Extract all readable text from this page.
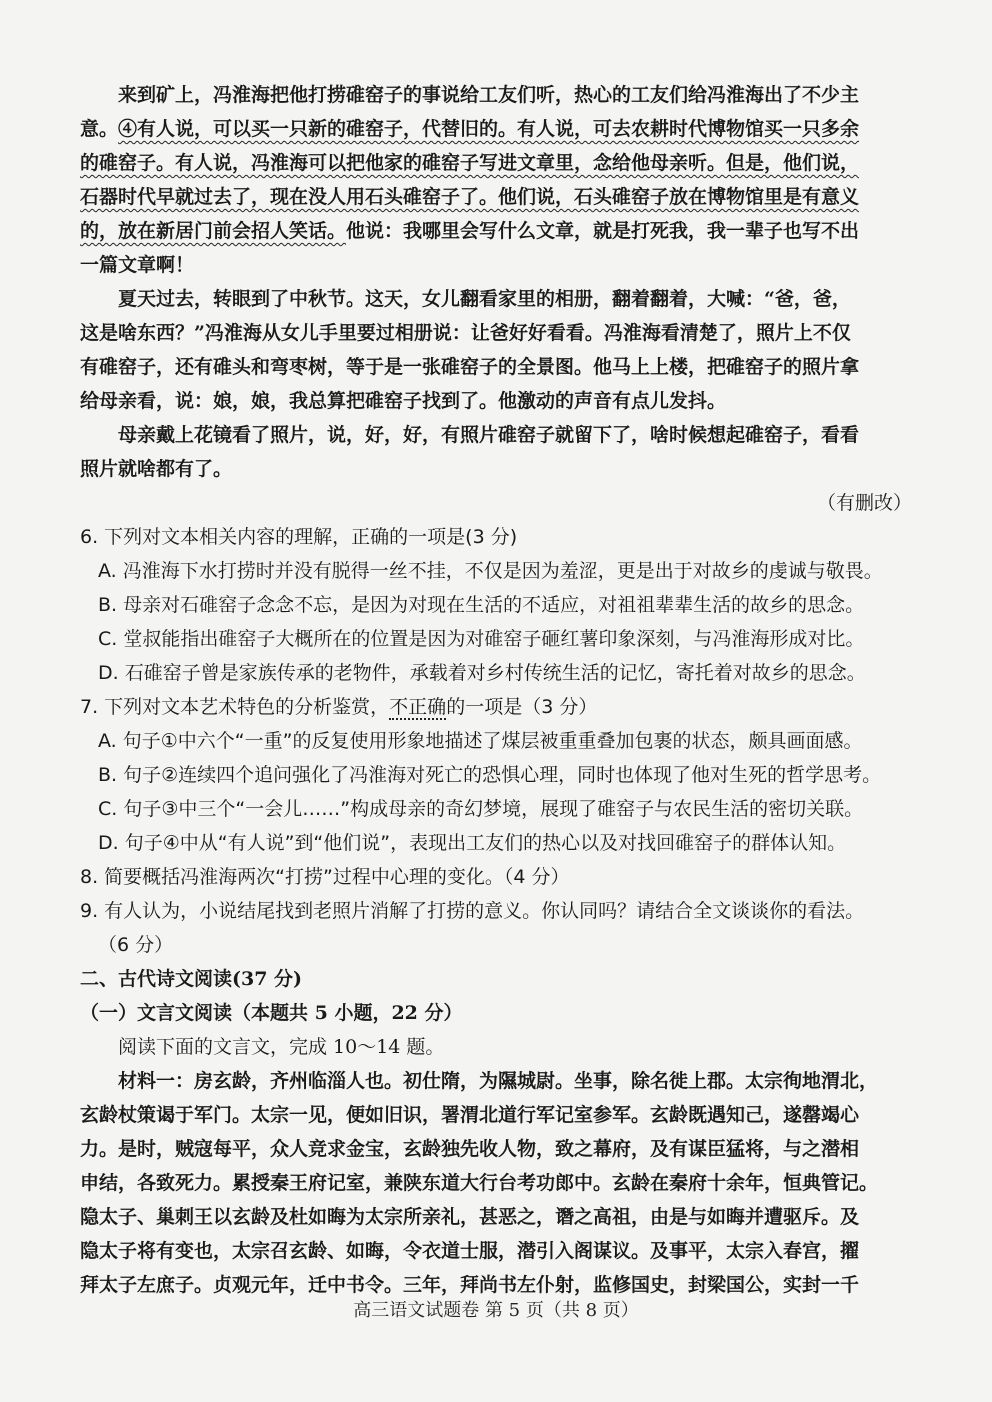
来到矿上，冯淮海把他打捞碓窑子的事说给工友们听，热心的工友们给冯淮海出了不少主
意。④有人说，可以买一只新的碓窑子，代替旧的。有人说，可去农耕时代博物馆买一只多余
的碓窑子。有人说，冯淮海可以把他家的碓窑子写进文章里，念给他母亲听。但是，他们说，
石器时代早就过去了，现在没人用石头碓窑子了。他们说，石头碓窑子放在博物馆里是有意义
的，放在新居门前会招人笑话。他说：我哪里会写什么文章，就是打死我，我一辈子也写不出
一篇文章啊！
夏天过去，转眼到了中秋节。这天，女儿翻看家里的相册，翻着翻着，大喊：“爸，爸，
这是啥东西？”冯淮海从女儿手里要过相册说：让爸好好看看。冯淮海看清楚了，照片上不仅
有碓窑子，还有碓头和弯枣树，等于是一张碓窑子的全景图。他马上上楼，把碓窑子的照片拿
给母亲看，说：娘，娘，我总算把碓窑子找到了。他激动的声音有点儿发抖。
母亲戴上花镜看了照片，说，好，好，有照片碓窑子就留下了，啥时候想起碓窑子，看看
照片就啥都有了。
（有删改）
6. 下列对文本相关内容的理解，正确的一项是(3 分)
A. 冯淮海下水打捞时并没有脱得一丝不挂，不仅是因为羞涩，更是出于对故乡的虔诚与敬畏。
B. 母亲对石碓窑子念念不忘，是因为对现在生活的不适应，对祖祖辈辈生活的故乡的思念。
C. 堂叔能指出碓窑子大概所在的位置是因为对碓窑子砸红薯印象深刻，与冯淮海形成对比。
D. 石碓窑子曾是家族传承的老物件，承载着对乡村传统生活的记忆，寄托着对故乡的思念。
7. 下列对文本艺术特色的分析鉴赏，不正确的一项是（3 分）
A. 句子①中六个“一重”的反复使用形象地描述了煤层被重重叠加包裹的状态，颇具画面感。
B. 句子②连续四个追问强化了冯淮海对死亡的恐惧心理，同时也体现了他对生死的哲学思考。
C. 句子③中三个“一会儿……”构成母亲的奇幻梦境，展现了碓窑子与农民生活的密切关联。
D. 句子④中从“有人说”到“他们说”，表现出工友们的热心以及对找回碓窑子的群体认知。
8. 简要概括冯淮海两次“打捞”过程中心理的变化。（4 分）
9. 有人认为，小说结尾找到老照片消解了打捞的意义。你认同吗？请结合全文谈谈你的看法。
（6 分）
二、古代诗文阅读(37 分)
（一）文言文阅读（本题共 5 小题，22 分）
阅读下面的文言文，完成 10～14 题。
材料一：房玄龄，齐州临淄人也。初仕隋，为隰城尉。坐事，除名徙上郡。太宗徇地渭北，
玄龄杖策谒于军门。太宗一见，便如旧识，署渭北道行军记室参军。玄龄既遇知己，遂罄竭心
力。是时，贼寇每平，众人竞求金宝，玄龄独先收人物，致之幕府，及有谋臣猛将，与之潜相
申结，各致死力。累授秦王府记室，兼陕东道大行台考功郎中。玄龄在秦府十余年，恒典管记。
隐太子、巢刺王以玄龄及杜如晦为太宗所亲礼，甚恶之，谮之高祖，由是与如晦并遭驱斥。及
隐太子将有变也，太宗召玄龄、如晦，令衣道士服，潜引入阁谋议。及事平，太宗入春宫，擢
拜太子左庶子。贞观元年，迁中书令。三年，拜尚书左仆射，监修国史，封梁国公，实封一千
高三语文试题卷 第 5 页（共 8 页）
